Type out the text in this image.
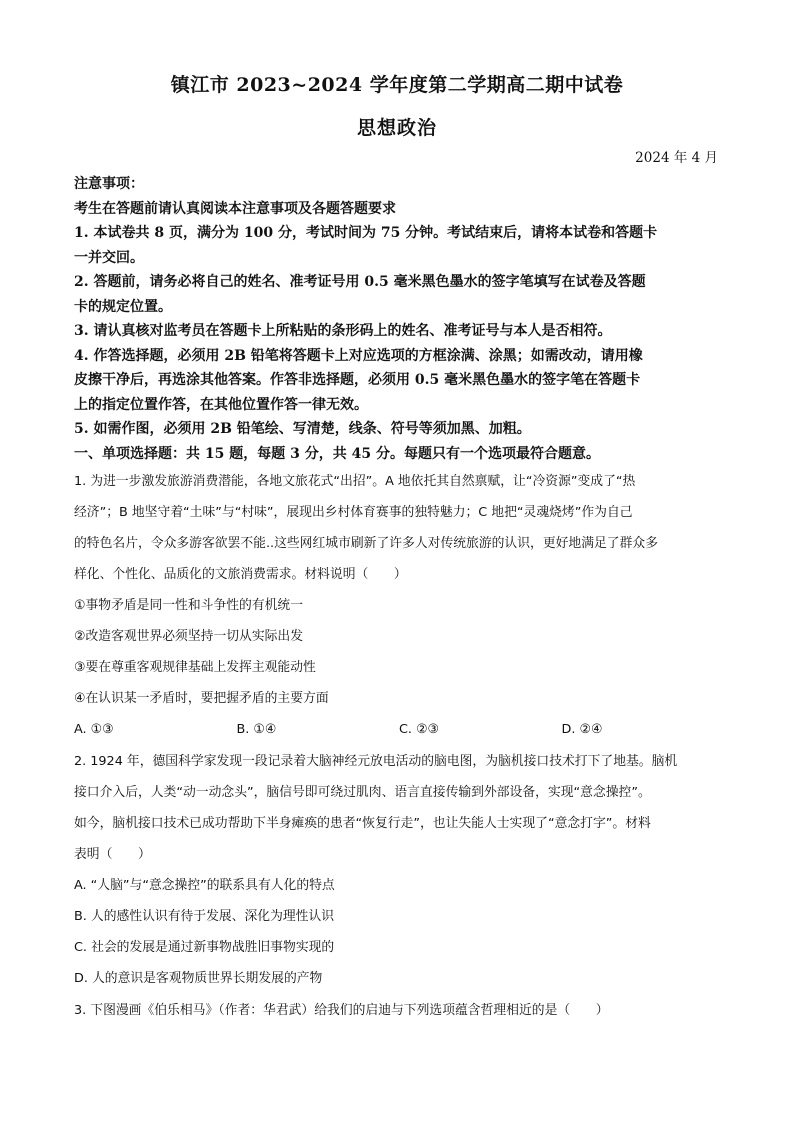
镇江市 2023~2024 学年度第二学期高二期中试卷
思想政治
2024 年 4 月
注意事项：
考生在答题前请认真阅读本注意事项及各题答题要求
1. 本试卷共 8 页，满分为 100 分，考试时间为 75 分钟。考试结束后，请将本试卷和答题卡
一并交回。
2. 答题前，请务必将自己的姓名、准考证号用 0.5 毫米黑色墨水的签字笔填写在试卷及答题
卡的规定位置。
3. 请认真核对监考员在答题卡上所粘贴的条形码上的姓名、准考证号与本人是否相符。
4. 作答选择题，必须用 2B 铅笔将答题卡上对应选项的方框涂满、涂黑；如需改动，请用橡
皮擦干净后，再选涂其他答案。作答非选择题，必须用 0.5 毫米黑色墨水的签字笔在答题卡
上的指定位置作答，在其他位置作答一律无效。
5. 如需作图，必须用 2B 铅笔绘、写清楚，线条、符号等须加黑、加粗。
一、单项选择题：共 15 题，每题 3 分，共 45 分。每题只有一个选项最符合题意。
1. 为进一步激发旅游消费潜能，各地文旅花式“出招”。A 地依托其自然禀赋，让“冷资源”变成了“热
经济”；B 地坚守着“土味”与“村味”，展现出乡村体育赛事的独特魅力；C 地把“灵魂烧烤”作为自己
的特色名片，令众多游客欲罢不能..这些网红城市刷新了许多人对传统旅游的认识，更好地满足了群众多
样化、个性化、品质化的文旅消费需求。材料说明（　　）
①事物矛盾是同一性和斗争性的有机统一
②改造客观世界必须坚持一切从实际出发
③要在尊重客观规律基础上发挥主观能动性
④在认识某一矛盾时，要把握矛盾的主要方面
A. ①③	B. ①④	C. ②③	D. ②④
2. 1924 年，德国科学家发现一段记录着大脑神经元放电活动的脑电图，为脑机接口技术打下了地基。脑机
接口介入后，人类“动一动念头”，脑信号即可绕过肌肉、语言直接传输到外部设备，实现“意念操控”。
如今，脑机接口技术已成功帮助下半身瘫痪的患者“恢复行走”，也让失能人士实现了“意念打字”。材料
表明（　　）
A. “人脑”与“意念操控”的联系具有人化的特点
B. 人的感性认识有待于发展、深化为理性认识
C. 社会的发展是通过新事物战胜旧事物实现的
D. 人的意识是客观物质世界长期发展的产物
3. 下图漫画《伯乐相马》（作者：华君武）给我们的启迪与下列选项蕴含哲理相近的是（　　）
